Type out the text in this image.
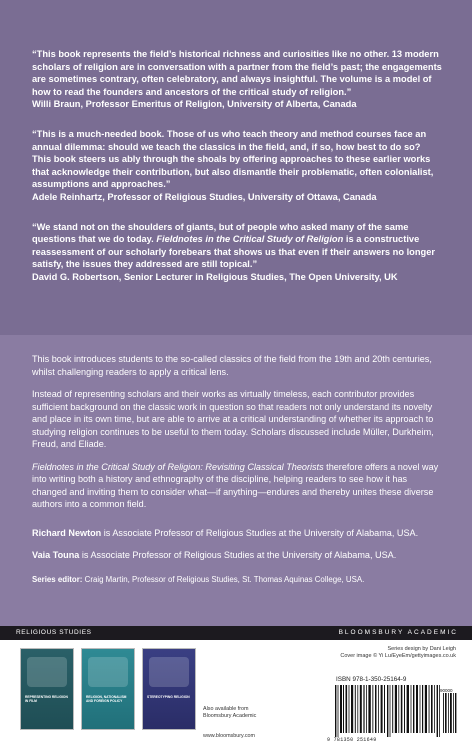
“This book represents the field’s historical richness and curiosities like no other. 13 modern scholars of religion are in conversation with a partner from the field’s past; the engagements are sometimes contrary, often celebratory, and always insightful. The volume is a model of how to read the founders and ancestors of the critical study of religion.”
Willi Braun, Professor Emeritus of Religion, University of Alberta, Canada

“This is a much-needed book. Those of us who teach theory and method courses face an annual dilemma: should we teach the classics in the field, and, if so, how best to do so? This book steers us ably through the shoals by offering approaches to these earlier works that acknowledge their contribution, but also dismantle their problematic, often colonialist, assumptions and approaches.”
Adele Reinhartz, Professor of Religious Studies, University of Ottawa, Canada

“We stand not on the shoulders of giants, but of people who asked many of the same questions that we do today. Fieldnotes in the Critical Study of Religion is a constructive reassessment of our scholarly forebears that shows us that even if their answers no longer satisfy, the issues they addressed are still topical.”
David G. Robertson, Senior Lecturer in Religious Studies, The Open University, UK

This book introduces students to the so-called classics of the field from the 19th and 20th centuries, whilst challenging readers to apply a critical lens.

Instead of representing scholars and their works as virtually timeless, each contributor provides sufficient background on the classic work in question so that readers not only understand its novelty and place in its own time, but are able to arrive at a critical understanding of whether its approach to studying religion continues to be useful to them today. Scholars discussed include Müller, Durkheim, Freud, and Eliade.

Fieldnotes in the Critical Study of Religion: Revisiting Classical Theorists therefore offers a novel way into writing both a history and ethnography of the discipline, helping readers to see how it has changed and inviting them to consider what—if anything—endures and thereby unites these diverse authors into a common field.

Richard Newton is Associate Professor of Religious Studies at the University of Alabama, USA.

Vaia Touna is Associate Professor of Religious Studies at the University of Alabama, USA.

Series editor: Craig Martin, Professor of Religious Studies, St. Thomas Aquinas College, USA.

RELIGIOUS STUDIES	BLOOMSBURY ACADEMIC
REPRESENTING RELIGION IN FILM
RELIGION, NATIONALISM AND FOREIGN POLICY
STEREOTYPING RELIGION
Also available from
Bloomsbury Academic
www.bloomsbury.com
Series design by Dani Leigh
Cover image © Yi Lu/EyeEm/gettyimages.co.uk
ISBN 978-1-350-25164-9
90000
9 781350 251649
